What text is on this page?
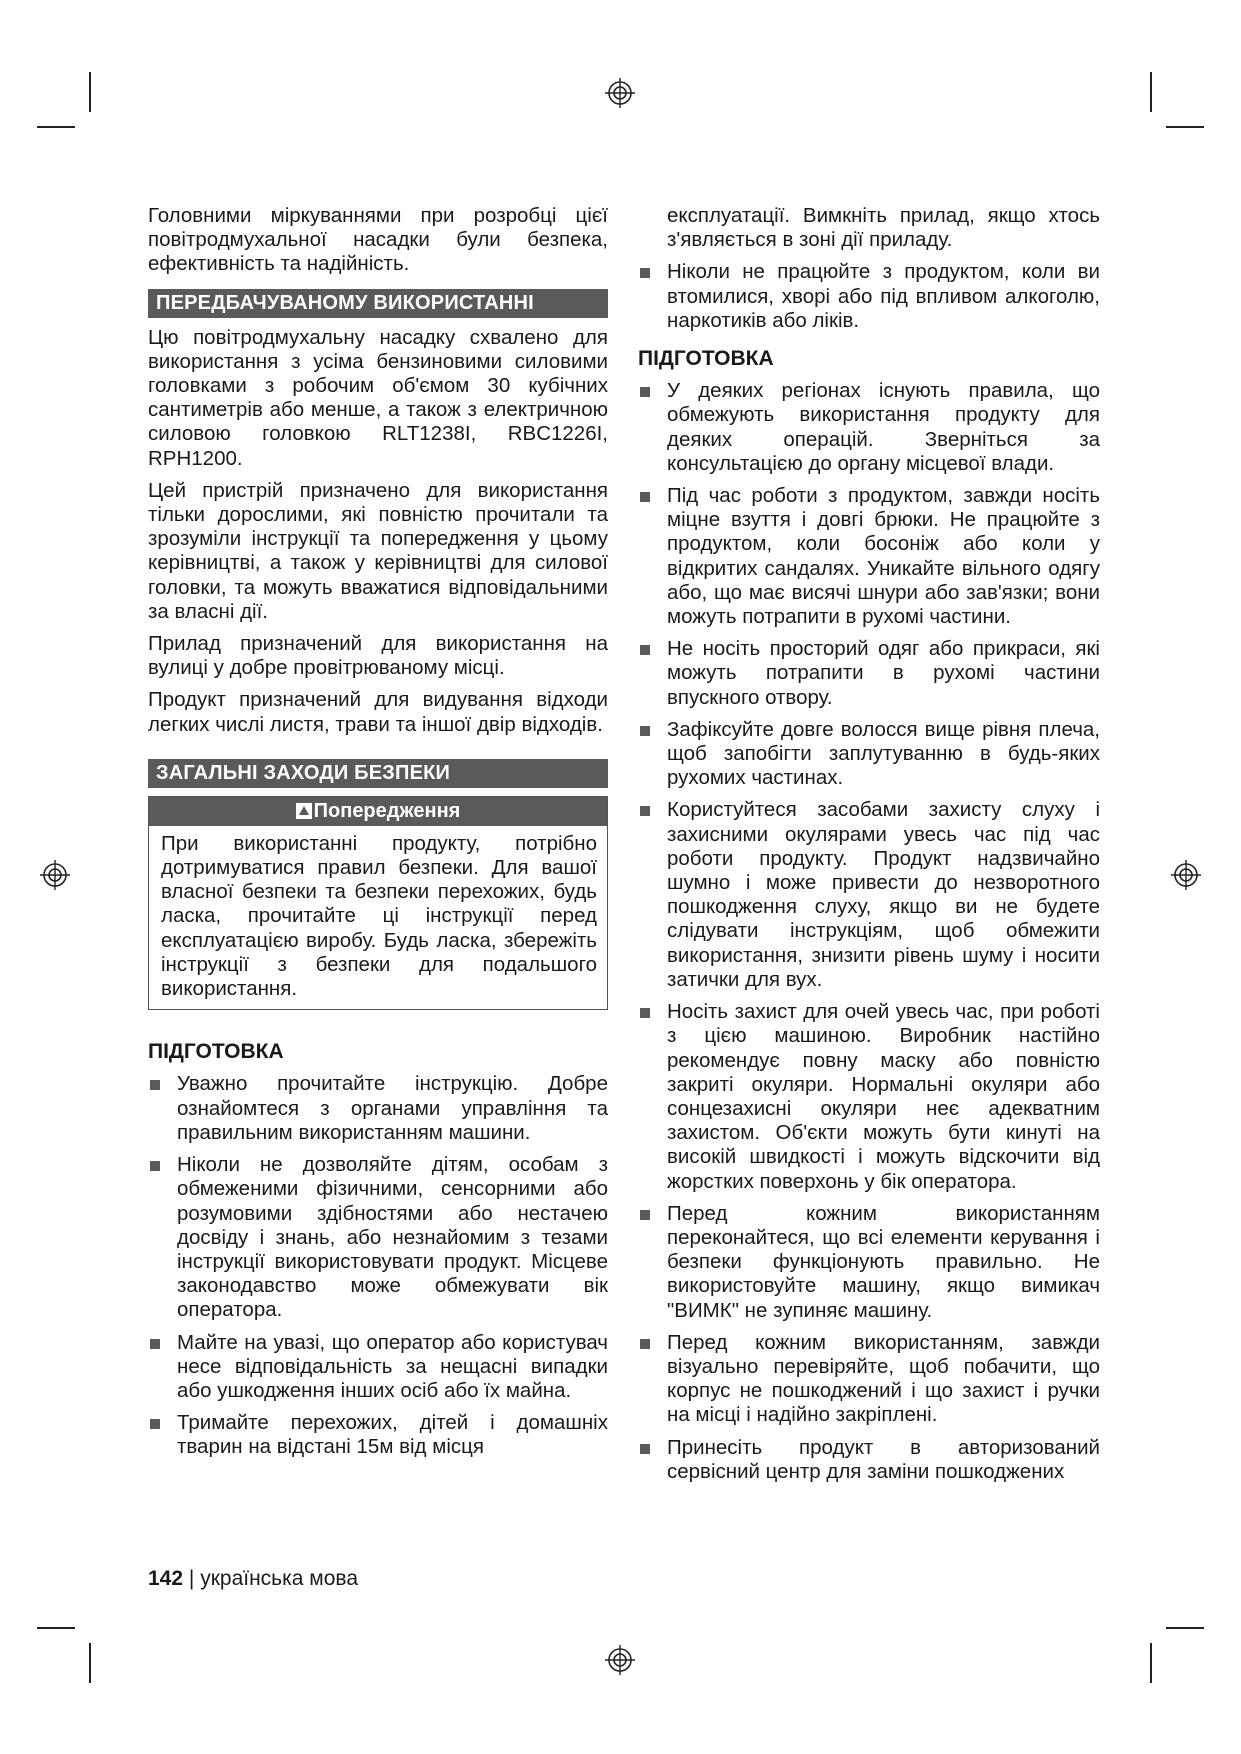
Головними міркуваннями при розробці цієї повітродмухальної насадки були безпека, ефективність та надійність.

ПЕРЕДБАЧУВАНОМУ ВИКОРИСТАННІ

Цю повітродмухальну насадку схвалено для використання з усіма бензиновими силовими головками з робочим об'ємом 30 кубічних сантиметрів або менше, а також з електричною силовою головкою RLT1238I, RBC1226I, RPH1200.

Цей пристрій призначено для використання тільки дорослими, які повністю прочитали та зрозуміли інструкції та попередження у цьому керівництві, а також у керівництві для силової головки, та можуть вважатися відповідальними за власні дії.

Прилад призначений для використання на вулиці у добре провітрюваному місці.

Продукт призначений для видування відходи легких числі листя, трави та іншої двір відходів.

ЗАГАЛЬНІ ЗАХОДИ БЕЗПЕКИ
Попередження
При використанні продукту, потрібно дотримуватися правил безпеки. Для вашої власної безпеки та безпеки перехожих, будь ласка, прочитайте ці інструкції перед експлуатацією виробу. Будь ласка, збережіть інструкції з безпеки для подальшого використання.
ПІДГОТОВКА
Уважно прочитайте інструкцію. Добре ознайомтеся з органами управління та правильним використанням машини.
Ніколи не дозволяйте дітям, особам з обмеженими фізичними, сенсорними або розумовими здібностями або нестачею досвіду і знань, або незнайомим з тезами інструкції використовувати продукт. Місцеве законодавство може обмежувати вік оператора.
Майте на увазі, що оператор або користувач несе відповідальність за нещасні випадки або ушкодження інших осіб або їх майна.
Тримайте перехожих, дітей і домашніх тварин на відстані 15м від місця

експлуатації. Вимкніть прилад, якщо хтось з'являється в зоні дії приладу.

Ніколи не працюйте з продуктом, коли ви втомилися, хворі або під впливом алкоголю, наркотиків або ліків.
ПІДГОТОВКА
У деяких регіонах існують правила, що обмежують використання продукту для деяких операцій. Зверніться за консультацією до органу місцевої влади.
Під час роботи з продуктом, завжди носіть міцне взуття і довгі брюки. Не працюйте з продуктом, коли босоніж або коли у відкритих сандалях. Уникайте вільного одягу або, що має висячі шнури або зав'язки; вони можуть потрапити в рухомі частини.
Не носіть просторий одяг або прикраси, які можуть потрапити в рухомі частини впускного отвору.
Зафіксуйте довге волосся вище рівня плеча, щоб запобігти заплутуванню в будь-яких рухомих частинах.
Користуйтеся засобами захисту слуху і захисними окулярами увесь час під час роботи продукту. Продукт надзвичайно шумно і може привести до незворотного пошкодження слуху, якщо ви не будете слідувати інструкціям, щоб обмежити використання, знизити рівень шуму і носити затички для вух.
Носіть захист для очей увесь час, при роботі з цією машиною. Виробник настійно рекомендує повну маску або повністю закриті окуляри. Нормальні окуляри або сонцезахисні окуляри неє адекватним захистом. Об'єкти можуть бути кинуті на високій швидкості і можуть відскочити від жорстких поверхонь у бік оператора.
Перед кожним використанням переконайтеся, що всі елементи керування і безпеки функціонують правильно. Не використовуйте машину, якщо вимикач "ВИМК" не зупиняє машину.
Перед кожним використанням, завжди візуально перевіряйте, щоб побачити, що корпус не пошкоджений і що захист і ручки на місці і надійно закріплені.
Принесіть продукт в авторизований сервісний центр для заміни пошкоджених
142 | українська мова
